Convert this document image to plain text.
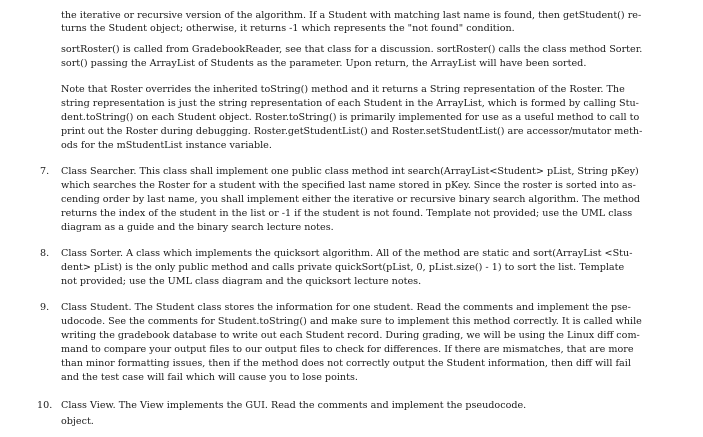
the iterative or recursive version of the algorithm. If a Student with matching last name is found, then getStudent() re-
turns the Student object; otherwise, it returns -1 which represents the "not found" condition.
sortRoster() is called from GradebookReader, see that class for a discussion. sortRoster() calls the class method Sorter.
sort() passing the ArrayList of Students as the parameter. Upon return, the ArrayList will have been sorted.
Note that Roster overrides the inherited toString() method and it returns a String representation of the Roster. The
string representation is just the string representation of each Student in the ArrayList, which is formed by calling Stu-
dent.toString() on each Student object. Roster.toString() is primarily implemented for use as a useful method to call to
print out the Roster during debugging. Roster.getStudentList() and Roster.setStudentList() are accessor/mutator meth-
ods for the mStudentList instance variable.
7. Class Searcher. This class shall implement one public class method int search(ArrayList<Student> pList, String pKey)
which searches the Roster for a student with the specified last name stored in pKey. Since the roster is sorted into as-
cending order by last name, you shall implement either the iterative or recursive binary search algorithm. The method
returns the index of the student in the list or -1 if the student is not found. Template not provided; use the UML class
diagram as a guide and the binary search lecture notes.
8. Class Sorter. A class which implements the quicksort algorithm. All of the method are static and sort(ArrayList <Stu-
dent> pList) is the only public method and calls private quickSort(pList, 0, pList.size() - 1) to sort the list. Template
not provided; use the UML class diagram and the quicksort lecture notes.
9. Class Student. The Student class stores the information for one student. Read the comments and implement the pse-
udocode. See the comments for Student.toString() and make sure to implement this method correctly. It is called while
writing the gradebook database to write out each Student record. During grading, we will be using the Linux diff com-
mand to compare your output files to our output files to check for differences. If there are mismatches, that are more
than minor formatting issues, then if the method does not correctly output the Student information, then diff will fail
and the test case will fail which will cause you to lose points.
10. Class View. The View implements the GUI. Read the comments and implement the pseudocode.
object.
